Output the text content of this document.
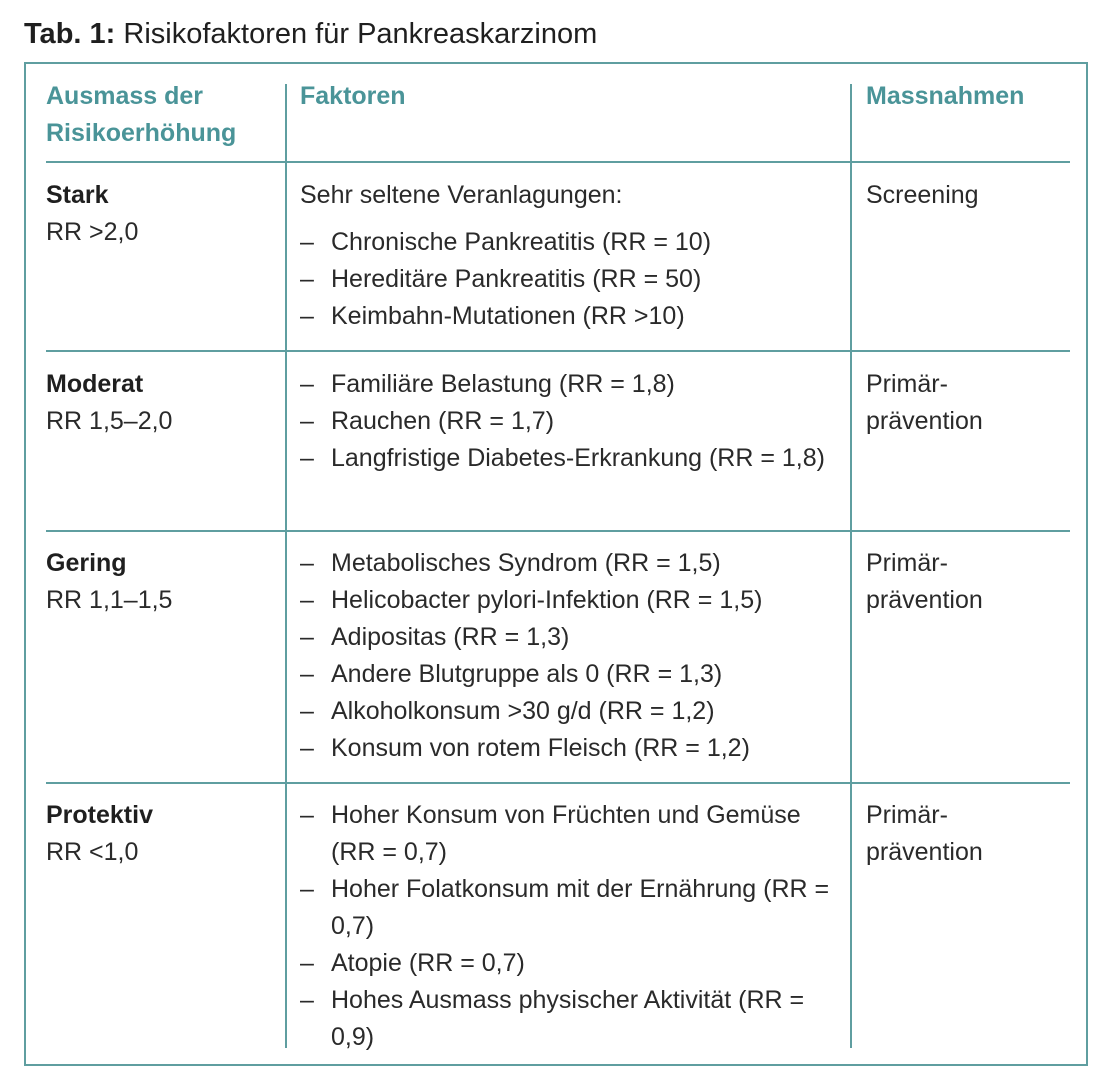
Tab. 1: Risikofaktoren für Pankreaskarzinom
Ausmass der Risikoerhöhung
Faktoren	Massnahmen
Stark
RR >2,0
Sehr seltene Veranlagungen:
– Chronische Pankreatitis (RR = 10)
– Hereditäre Pankreatitis (RR = 50)
– Keimbahn-Mutationen (RR >10)
Screening
Moderat
RR 1,5–2,0
– Familiäre Belastung (RR = 1,8)
– Rauchen (RR = 1,7)
– Langfristige Diabetes-Erkrankung (RR = 1,8)
Primär-prävention
Gering
RR 1,1–1,5
– Metabolisches Syndrom (RR = 1,5)
– Helicobacter pylori-Infektion (RR = 1,5)
– Adipositas (RR = 1,3)
– Andere Blutgruppe als 0 (RR = 1,3)
– Alkoholkonsum >30 g/d (RR = 1,2)
– Konsum von rotem Fleisch (RR = 1,2)
Primär-prävention
Protektiv
RR <1,0
– Hoher Konsum von Früchten und Gemüse (RR = 0,7)
– Hoher Folatkonsum mit der Ernährung (RR = 0,7)
– Atopie (RR = 0,7)
– Hohes Ausmass physischer Aktivität (RR = 0,9)
Primär-prävention
